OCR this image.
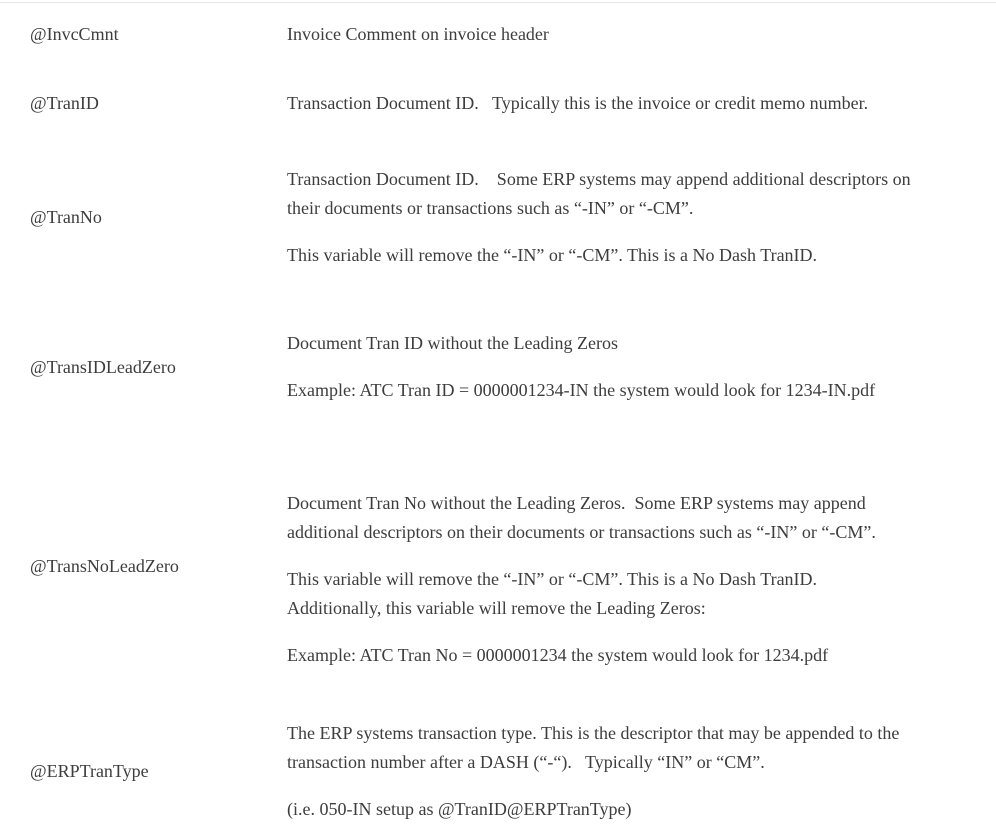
@InvcCmnt	Invoice Comment on invoice header

@TranID	Transaction Document ID.   Typically this is the invoice or credit memo number.

@TranNo	Transaction Document ID.    Some ERP systems may append additional descriptors on their documents or transactions such as “-IN” or “-CM”.

This variable will remove the “-IN” or “-CM”. This is a No Dash TranID.

@TransIDLeadZero	Document Tran ID without the Leading Zeros

Example: ATC Tran ID = 0000001234-IN the system would look for 1234-IN.pdf

@TransNoLeadZero	Document Tran No without the Leading Zeros.  Some ERP systems may append additional descriptors on their documents or transactions such as “-IN” or “-CM”.

This variable will remove the “-IN” or “-CM”. This is a No Dash TranID.  Additionally, this variable will remove the Leading Zeros:

Example: ATC Tran No = 0000001234 the system would look for 1234.pdf

@ERPTranType	The ERP systems transaction type. This is the descriptor that may be appended to the transaction number after a DASH (“-“).   Typically “IN” or “CM”.

(i.e. 050-IN setup as @TranID@ERPTranType)
